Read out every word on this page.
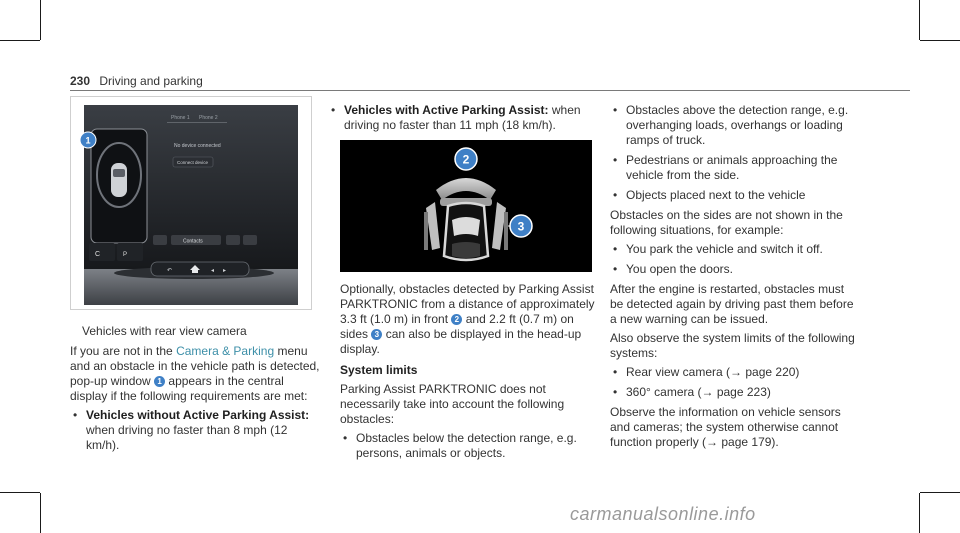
230 Driving and parking
C	P
Phone 1 Phone 2
No device connected
Connect device
Contacts
↶	◂ ▸
1
Vehicles with rear view camera

If you are not in the Camera & Parking menu and an obstacle in the vehicle path is detected, pop-up window 1 appears in the central display if the following requirements are met:

• Vehicles without Active Parking Assist: when driving no faster than 8 mph (12 km/h).
• Vehicles with Active Parking Assist: when driving no faster than 11 mph (18 km/h).
2
3

Optionally, obstacles detected by Parking Assist PARKTRONIC from a distance of approximately 3.3 ft (1.0 m) in front 2 and 2.2 ft (0.7 m) on sides 3 can also be displayed in the head-up display.

System limits

Parking Assist PARKTRONIC does not necessarily take into account the following obstacles:

• Obstacles below the detection range, e.g. persons, animals or objects.
• Obstacles above the detection range, e.g. overhanging loads, overhangs or loading ramps of truck.
• Pedestrians or animals approaching the vehicle from the side.
• Objects placed next to the vehicle

Obstacles on the sides are not shown in the following situations, for example:

• You park the vehicle and switch it off.
• You open the doors.

After the engine is restarted, obstacles must be detected again by driving past them before a new warning can be issued.

Also observe the system limits of the following systems:

• Rear view camera (→ page 220)
• 360° camera (→ page 223)

Observe the information on vehicle sensors and cameras; the system otherwise cannot function properly (→ page 179).

carmanualsonline.info
